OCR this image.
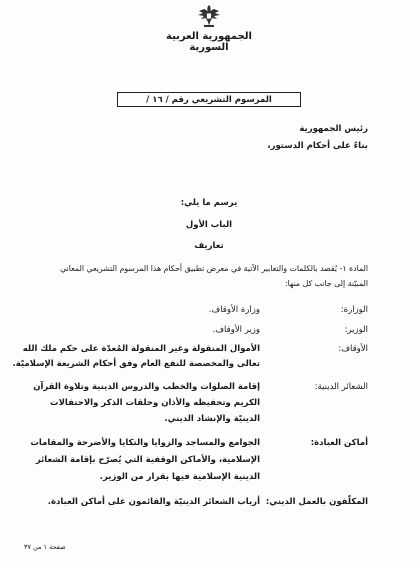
الجمهورية العربية السورية
المرسوم التشريعي رقم / ١٦ /
رئيس الجمهورية
بناءً على أحكام الدستور،
يرسم ما يلي:
الباب الأول
تعاريف
المادة ١- يُقصد بالكلمات والتعابير الآتية في معرض تطبيق أحكام هذا المرسوم التشريعي المعاني
المبيّنة إلى جانب كل منها:
الوزارة:
وزارة الأوقاف.
الوزير:
وزير الأوقاف.
الأوقاف:
الأموال المنقولة وغير المنقولة المُعدّة على حكم ملك الله
تعالى والمخصصة للنفع العام وفق أحكام الشريعة الإسلاميّة.
الشعائر الدينية:
إقامة الصلوات والخطب والدروس الدينية وتلاوة القرآن
الكريم وتحفيظه والأذان وحلقات الذكر والاحتفالات
الدينيّة والإنشاد الديني.
أماكن العبادة:
الجوامع والمساجد والزوايا والتكايا والأضرحة والمقامات
الإسلامية، والأماكن الوقفية التي يُصرّح بإقامة الشعائر
الدينية الإسلامية فيها بقرار من الوزير.
المكلّفون بالعمل الديني:
أرباب الشعائر الدينيّة والقائمون على أماكن العبادة.
صفحة ١ من ٣٧
